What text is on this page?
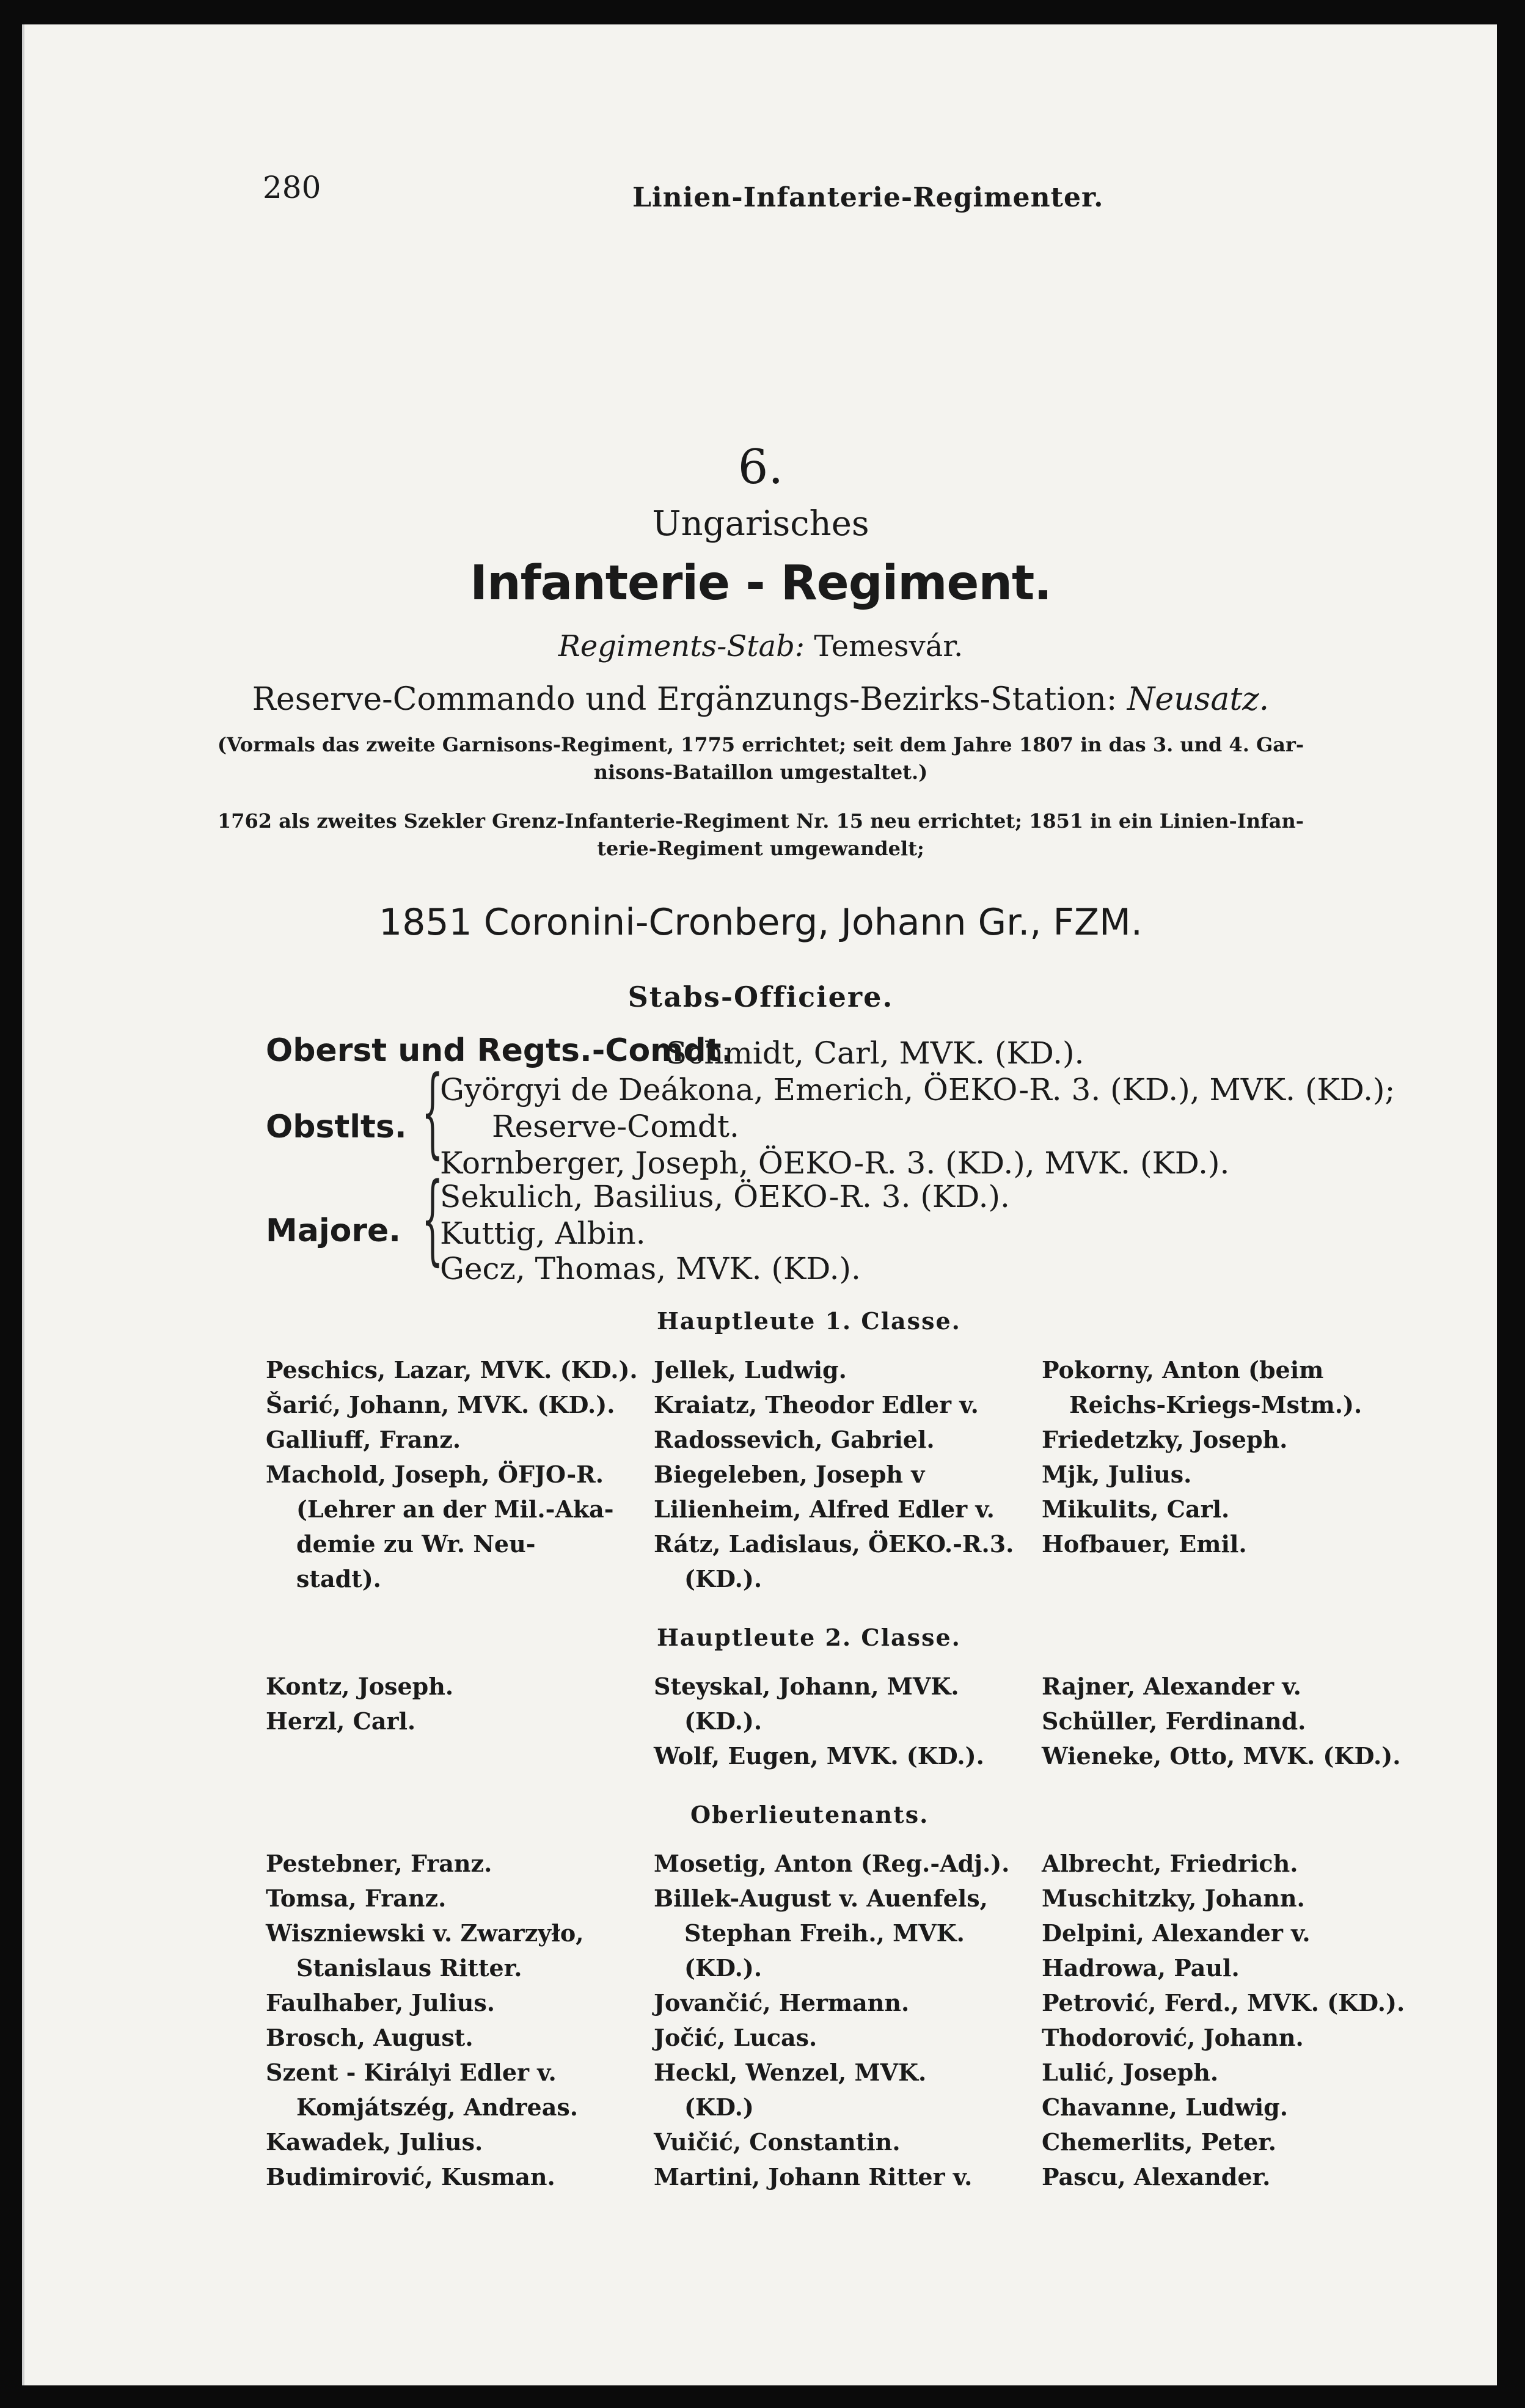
280	Linien-Infanterie-Regimenter.
6.
Ungarisches
Infanterie - Regiment.
Regiments-Stab: Temesvár.
Reserve-Commando und Ergänzungs-Bezirks-Station: Neusatz.
(Vormals das zweite Garnisons-Regiment, 1775 errichtet; seit dem Jahre 1807 in das 3. und 4. Gar-
nisons-Bataillon umgestaltet.)
1762 als zweites Szekler Grenz-Infanterie-Regiment Nr. 15 neu errichtet; 1851 in ein Linien-Infan-
terie-Regiment umgewandelt;
1851 Coronini-Cronberg, Johann Gr., FZM.
Stabs-Officiere.
Oberst und Regts.-Comdt.
Schmidt, Carl, MVK. (KD.).
Obstlts. {
Györgyi de Deákona, Emerich, ÖEKO-R. 3. (KD.), MVK. (KD.);
Reserve-Comdt.
Kornberger, Joseph, ÖEKO-R. 3. (KD.), MVK. (KD.).
Majore. {
Sekulich, Basilius, ÖEKO-R. 3. (KD.).
Kuttig, Albin.
Gecz, Thomas, MVK. (KD.).
Hauptleute 1. Classe.
Peschics, Lazar, MVK. (KD.).
Šarić, Johann, MVK. (KD.).
Galliuff, Franz.
Machold, Joseph, ÖFJO-R.
(Lehrer an der Mil.-Aka-
demie zu Wr. Neu-
stadt).
Jellek, Ludwig.
Kraiatz, Theodor Edler v.
Radossevich, Gabriel.
Biegeleben, Joseph v
Lilienheim, Alfred Edler v.
Rátz, Ladislaus, ÖEKO.-R.3.
(KD.).
Pokorny, Anton (beim
Reichs-Kriegs-Mstm.).
Friedetzky, Joseph.
Mjk, Julius.
Mikulits, Carl.
Hofbauer, Emil.
Hauptleute 2. Classe.
Kontz, Joseph.
Herzl, Carl.
Steyskal, Johann, MVK.
(KD.).
Wolf, Eugen, MVK. (KD.).
Rajner, Alexander v.
Schüller, Ferdinand.
Wieneke, Otto, MVK. (KD.).
Oberlieutenants.
Pestebner, Franz.
Tomsa, Franz.
Wiszniewski v. Zwarzyło,
Stanislaus Ritter.
Faulhaber, Julius.
Brosch, August.
Szent - Királyi Edler v.
Komjátszég, Andreas.
Kawadek, Julius.
Budimirović, Kusman.
Mosetig, Anton (Reg.-Adj.).
Billek-August v. Auenfels,
Stephan Freih., MVK.
(KD.).
Jovančić, Hermann.
Jočić, Lucas.
Heckl, Wenzel, MVK.
(KD.)
Vuičić, Constantin.
Martini, Johann Ritter v.
Albrecht, Friedrich.
Muschitzky, Johann.
Delpini, Alexander v.
Hadrowa, Paul.
Petrović, Ferd., MVK. (KD.).
Thodorović, Johann.
Lulić, Joseph.
Chavanne, Ludwig.
Chemerlits, Peter.
Pascu, Alexander.
